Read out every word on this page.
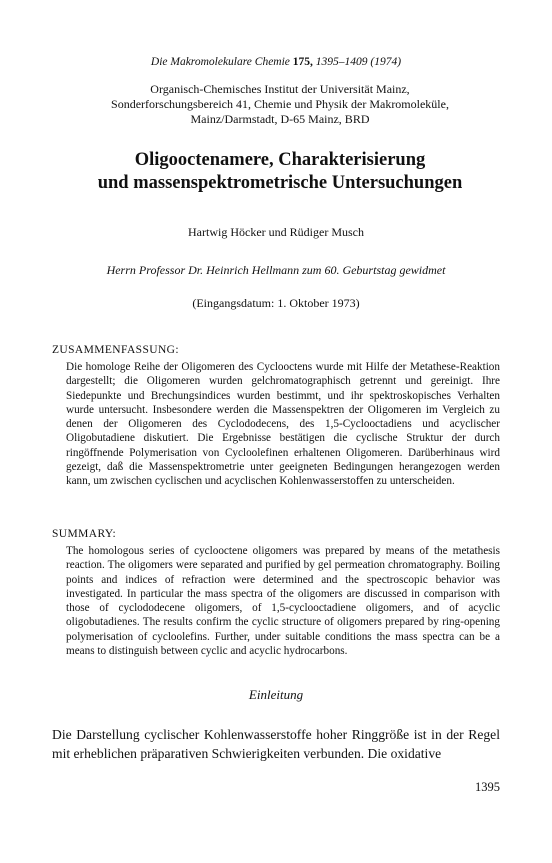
Die Makromolekulare Chemie 175, 1395–1409 (1974)
Organisch-Chemisches Institut der Universität Mainz,
Sonderforschungsbereich 41, Chemie und Physik der Makromoleküle,
Mainz/Darmstadt, D-65 Mainz, BRD
Oligooctenamere, Charakterisierung
und massenspektrometrische Untersuchungen
Hartwig Höcker und Rüdiger Musch
Herrn Professor Dr. Heinrich Hellmann zum 60. Geburtstag gewidmet
(Eingangsdatum: 1. Oktober 1973)
ZUSAMMENFASSUNG:
Die homologe Reihe der Oligomeren des Cyclooctens wurde mit Hilfe der Metathese-Reaktion dargestellt; die Oligomeren wurden gelchromatographisch getrennt und gereinigt. Ihre Siedepunkte und Brechungsindices wurden bestimmt, und ihr spektroskopisches Verhalten wurde untersucht. Insbesondere werden die Massenspektren der Oligomeren im Vergleich zu denen der Oligomeren des Cyclododecens, des 1,5-Cyclooctadiens und acyclischer Oligobutadiene diskutiert. Die Ergebnisse bestätigen die cyclische Struktur der durch ringöffnende Polymerisation von Cycloolefinen erhaltenen Oligomeren. Darüberhinaus wird gezeigt, daß die Massenspektrometrie unter geeigneten Bedingungen herangezogen werden kann, um zwischen cyclischen und acyclischen Kohlenwasserstoffen zu unterscheiden.
SUMMARY:
The homologous series of cyclooctene oligomers was prepared by means of the metathesis reaction. The oligomers were separated and purified by gel permeation chromatography. Boiling points and indices of refraction were determined and the spectroscopic behavior was investigated. In particular the mass spectra of the oligomers are discussed in comparison with those of cyclododecene oligomers, of 1,5-cyclooctadiene oligomers, and of acyclic oligobutadienes. The results confirm the cyclic structure of oligomers prepared by ring-opening polymerisation of cycloolefins. Further, under suitable conditions the mass spectra can be a means to distinguish between cyclic and acyclic hydrocarbons.
Einleitung
Die Darstellung cyclischer Kohlenwasserstoffe hoher Ringgröße ist in der Regel mit erheblichen präparativen Schwierigkeiten verbunden. Die oxidative
1395
